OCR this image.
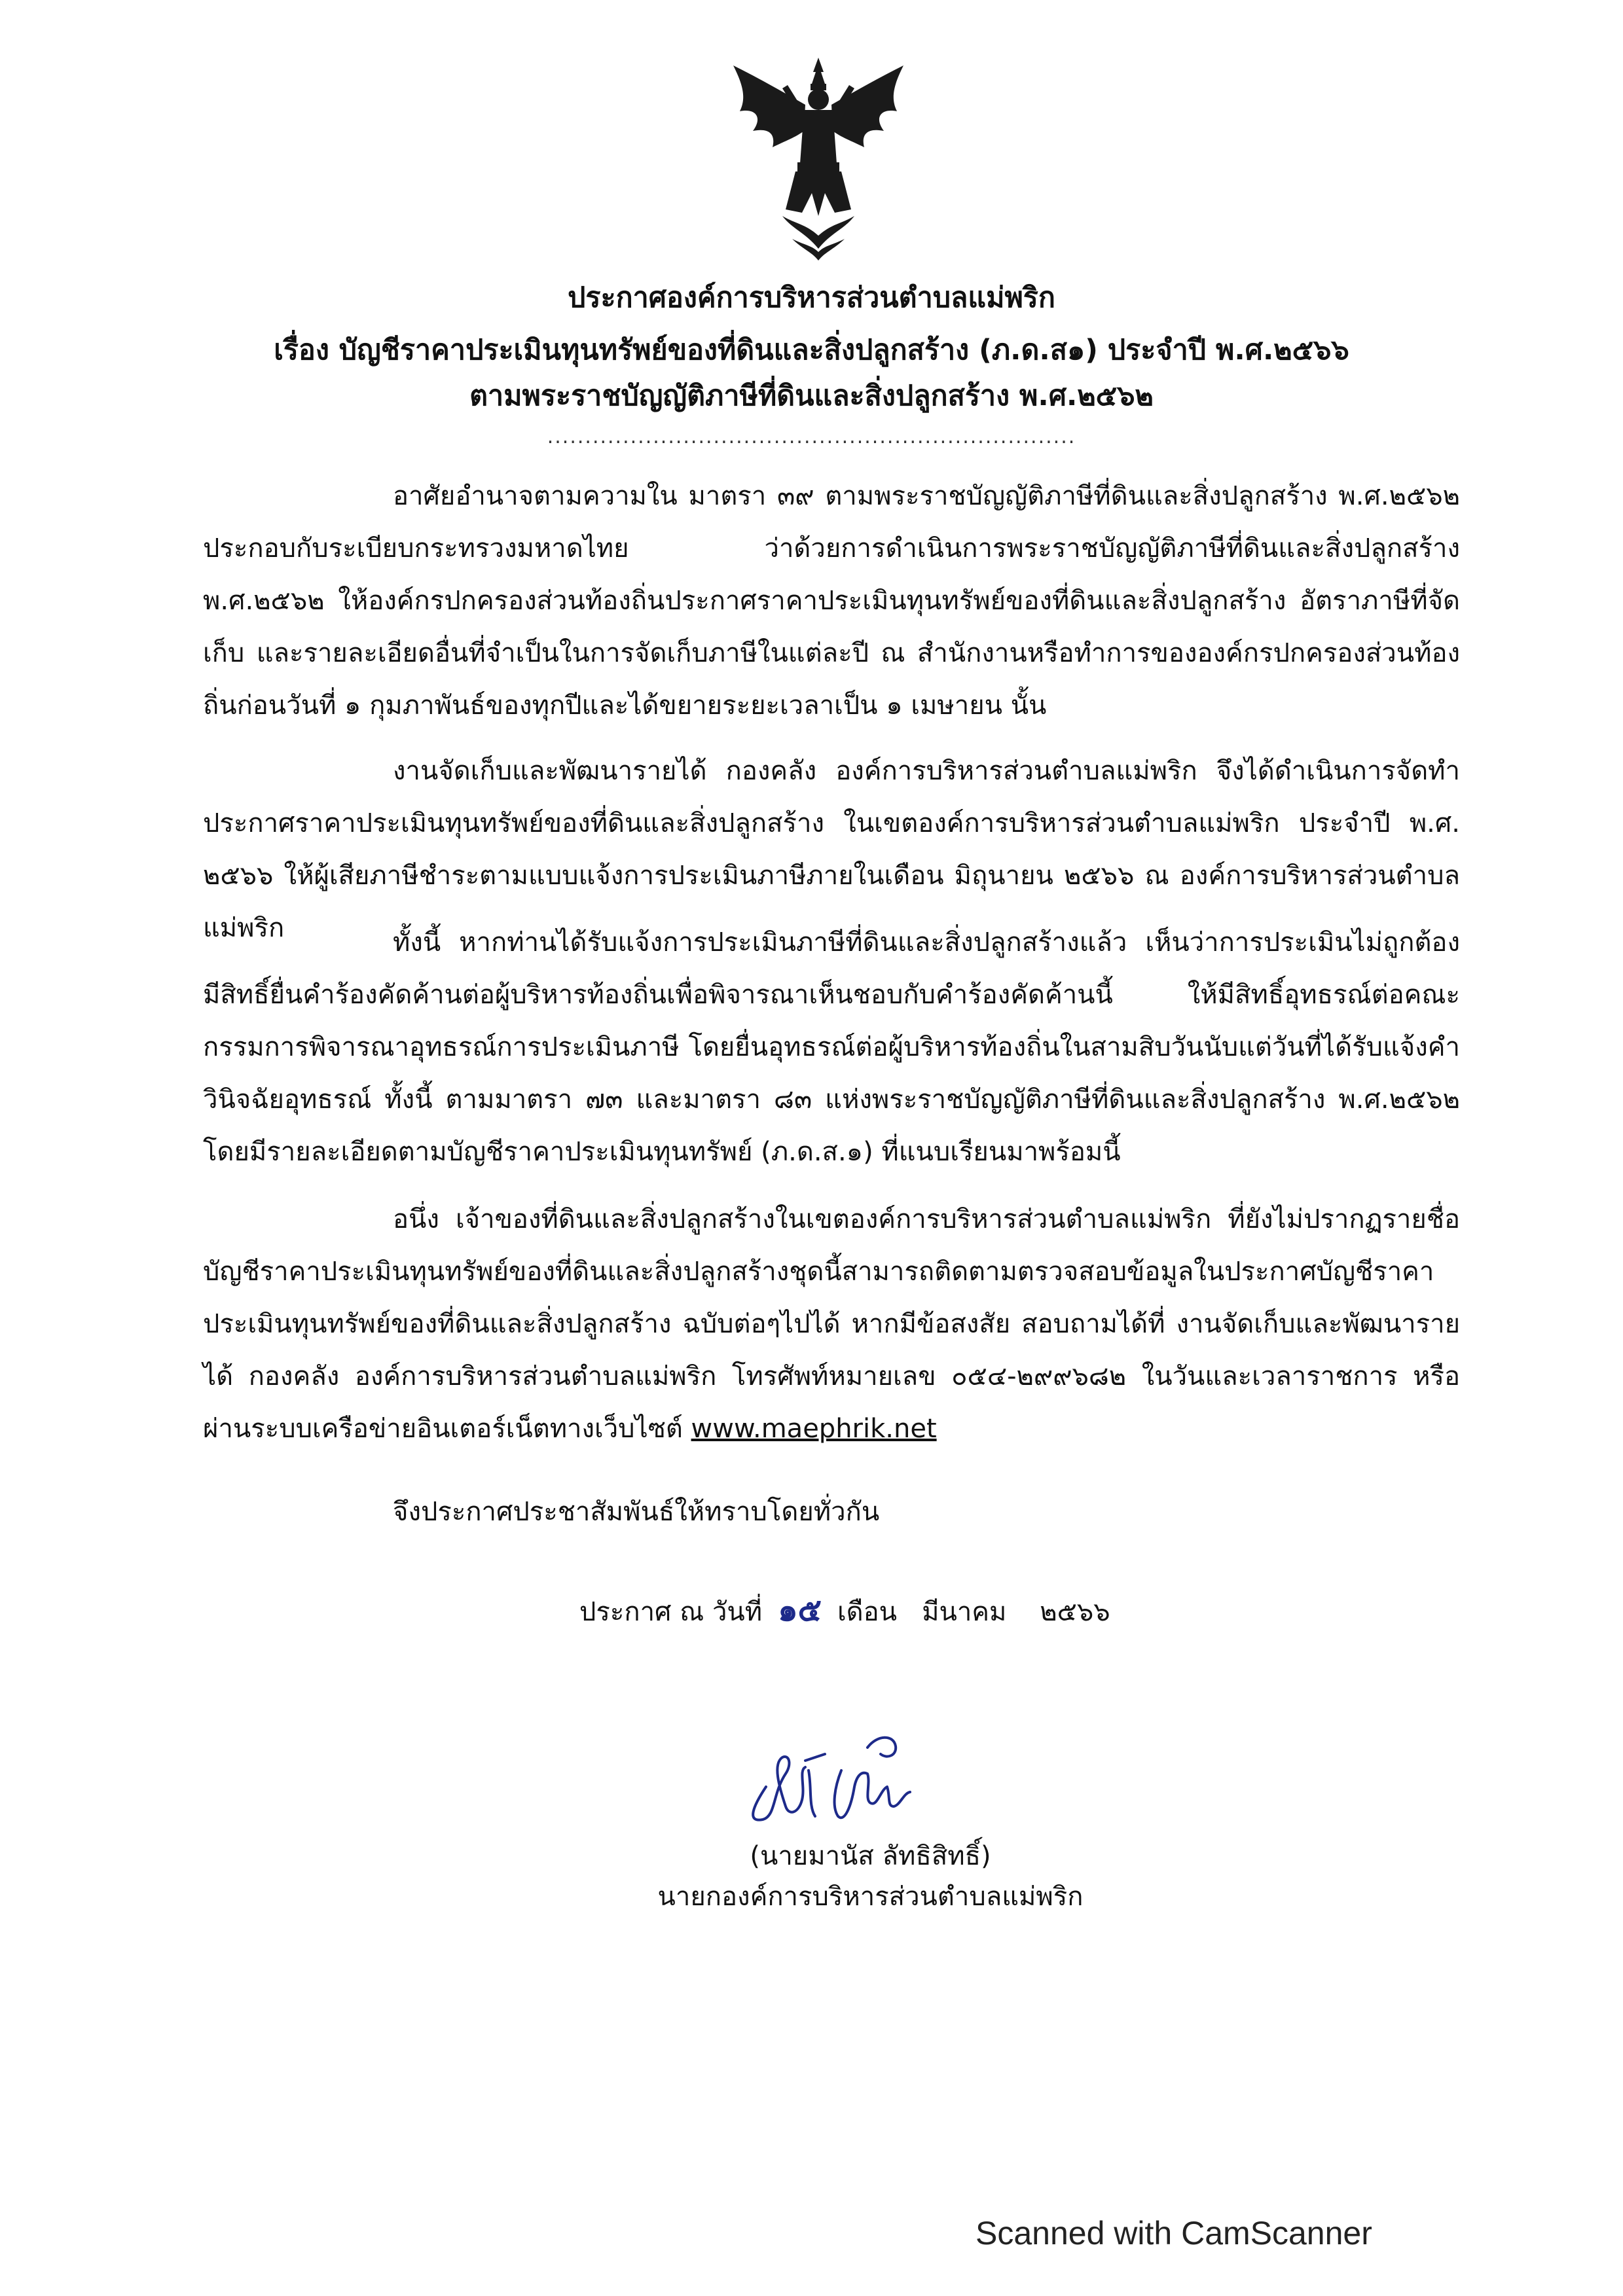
ประกาศองค์การบริหารส่วนตำบลแม่พริก
เรื่อง บัญชีราคาประเมินทุนทรัพย์ของที่ดินและสิ่งปลูกสร้าง (ภ.ด.ส๑) ประจำปี พ.ศ.๒๕๖๖
ตามพระราชบัญญัติภาษีที่ดินและสิ่งปลูกสร้าง พ.ศ.๒๕๖๒
......................................................................

อาศัยอำนาจตามความใน มาตรา ๓๙ ตามพระราชบัญญัติภาษีที่ดินและสิ่งปลูกสร้าง พ.ศ.๒๕๖๒ ประกอบกับระเบียบกระทรวงมหาดไทย ว่าด้วยการดำเนินการพระราชบัญญัติภาษีที่ดินและสิ่งปลูกสร้าง พ.ศ.๒๕๖๒ ให้องค์กรปกครองส่วนท้องถิ่นประกาศราคาประเมินทุนทรัพย์ของที่ดินและสิ่งปลูกสร้าง อัตราภาษีที่จัดเก็บ และรายละเอียดอื่นที่จำเป็นในการจัดเก็บภาษีในแต่ละปี ณ สำนักงานหรือทำการขององค์กรปกครองส่วนท้องถิ่นก่อนวันที่ ๑ กุมภาพันธ์ของทุกปีและได้ขยายระยะเวลาเป็น ๑ เมษายน นั้น

งานจัดเก็บและพัฒนารายได้ กองคลัง องค์การบริหารส่วนตำบลแม่พริก จึงได้ดำเนินการจัดทำประกาศราคาประเมินทุนทรัพย์ของที่ดินและสิ่งปลูกสร้าง ในเขตองค์การบริหารส่วนตำบลแม่พริก ประจำปี พ.ศ. ๒๕๖๖ ให้ผู้เสียภาษีชำระตามแบบแจ้งการประเมินภาษีภายในเดือน มิถุนายน ๒๕๖๖ ณ องค์การบริหารส่วนตำบลแม่พริก	ทั้งนี้ หากท่านได้รับแจ้งการประเมินภาษีที่ดินและสิ่งปลูกสร้างแล้ว เห็นว่าการประเมินไม่ถูกต้อง มีสิทธิ์ยื่นคำร้องคัดค้านต่อผู้บริหารท้องถิ่นเพื่อพิจารณาเห็นชอบกับคำร้องคัดค้านนี้ ให้มีสิทธิ์อุทธรณ์ต่อคณะกรรมการพิจารณาอุทธรณ์การประเมินภาษี โดยยื่นอุทธรณ์ต่อผู้บริหารท้องถิ่นในสามสิบวันนับแต่วันที่ได้รับแจ้งคำวินิจฉัยอุทธรณ์ ทั้งนี้ ตามมาตรา ๗๓ และมาตรา ๘๓ แห่งพระราชบัญญัติภาษีที่ดินและสิ่งปลูกสร้าง พ.ศ.๒๕๖๒ โดยมีรายละเอียดตามบัญชีราคาประเมินทุนทรัพย์ (ภ.ด.ส.๑) ที่แนบเรียนมาพร้อมนี้

อนึ่ง เจ้าของที่ดินและสิ่งปลูกสร้างในเขตองค์การบริหารส่วนตำบลแม่พริก ที่ยังไม่ปรากฏรายชื่อบัญชีราคาประเมินทุนทรัพย์ของที่ดินและสิ่งปลูกสร้างชุดนี้สามารถติดตามตรวจสอบข้อมูลในประกาศบัญชีราคาประเมินทุนทรัพย์ของที่ดินและสิ่งปลูกสร้าง ฉบับต่อๆไปได้ หากมีข้อสงสัย สอบถามได้ที่ งานจัดเก็บและพัฒนารายได้ กองคลัง องค์การบริหารส่วนตำบลแม่พริก โทรศัพท์หมายเลข ๐๕๔-๒๙๙๖๘๒ ในวันและเวลาราชการ หรือผ่านระบบเครือข่ายอินเตอร์เน็ตทางเว็บไซต์ www.maephrik.net

จึงประกาศประชาสัมพันธ์ให้ทราบโดยทั่วกัน
ประกาศ ณ วันที่ ๑๕ เดือน มีนาคม ๒๕๖๖
(นายมานัส ลัทธิสิทธิ์)
นายกองค์การบริหารส่วนตำบลแม่พริก
Scanned with CamScanner
